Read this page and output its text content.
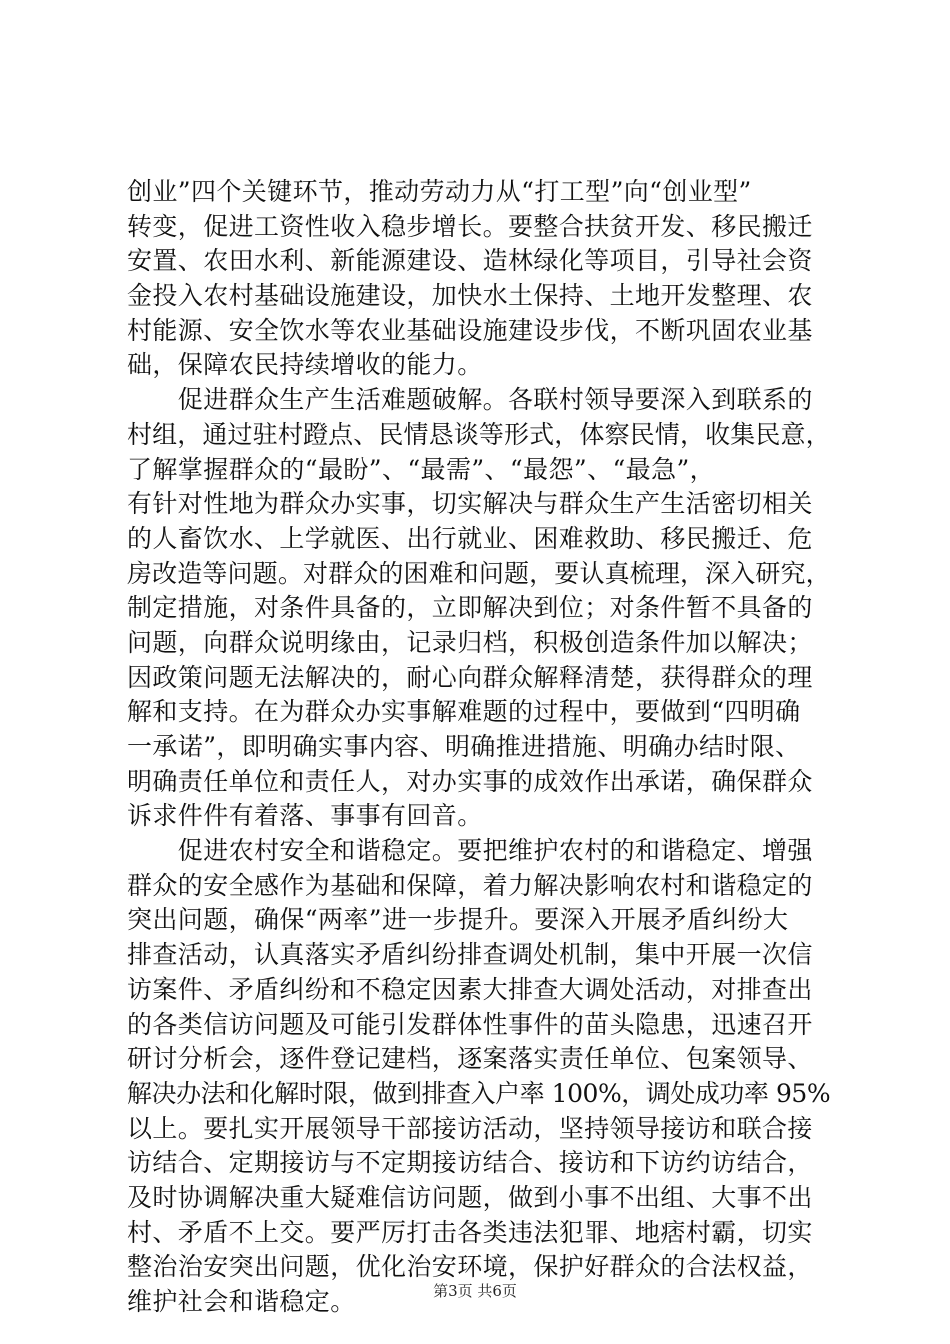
创业”四个关键环节，推动劳动力从“打工型”向“创业型”
转变，促进工资性收入稳步增长。要整合扶贫开发、移民搬迁
安置、农田水利、新能源建设、造林绿化等项目，引导社会资
金投入农村基础设施建设，加快水土保持、土地开发整理、农
村能源、安全饮水等农业基础设施建设步伐，不断巩固农业基
础，保障农民持续增收的能力。
　　促进群众生产生活难题破解。各联村领导要深入到联系的
村组，通过驻村蹬点、民情恳谈等形式，体察民情，收集民意，
了解掌握群众的“最盼”、“最需”、“最怨”、“最急”，
有针对性地为群众办实事，切实解决与群众生产生活密切相关
的人畜饮水、上学就医、出行就业、困难救助、移民搬迁、危
房改造等问题。对群众的困难和问题，要认真梳理，深入研究，
制定措施，对条件具备的，立即解决到位；对条件暂不具备的
问题，向群众说明缘由，记录归档，积极创造条件加以解决；
因政策问题无法解决的，耐心向群众解释清楚，获得群众的理
解和支持。在为群众办实事解难题的过程中，要做到“四明确
一承诺”，即明确实事内容、明确推进措施、明确办结时限、
明确责任单位和责任人，对办实事的成效作出承诺，确保群众
诉求件件有着落、事事有回音。
　　促进农村安全和谐稳定。要把维护农村的和谐稳定、增强
群众的安全感作为基础和保障，着力解决影响农村和谐稳定的
突出问题，确保“两率”进一步提升。要深入开展矛盾纠纷大
排查活动，认真落实矛盾纠纷排查调处机制，集中开展一次信
访案件、矛盾纠纷和不稳定因素大排查大调处活动，对排查出
的各类信访问题及可能引发群体性事件的苗头隐患，迅速召开
研讨分析会，逐件登记建档，逐案落实责任单位、包案领导、
解决办法和化解时限，做到排查入户率 100%，调处成功率 95%
以上。要扎实开展领导干部接访活动，坚持领导接访和联合接
访结合、定期接访与不定期接访结合、接访和下访约访结合，
及时协调解决重大疑难信访问题，做到小事不出组、大事不出
村、矛盾不上交。要严厉打击各类违法犯罪、地痞村霸，切实
整治治安突出问题，优化治安环境，保护好群众的合法权益，
维护社会和谐稳定。	第3页 共6页
